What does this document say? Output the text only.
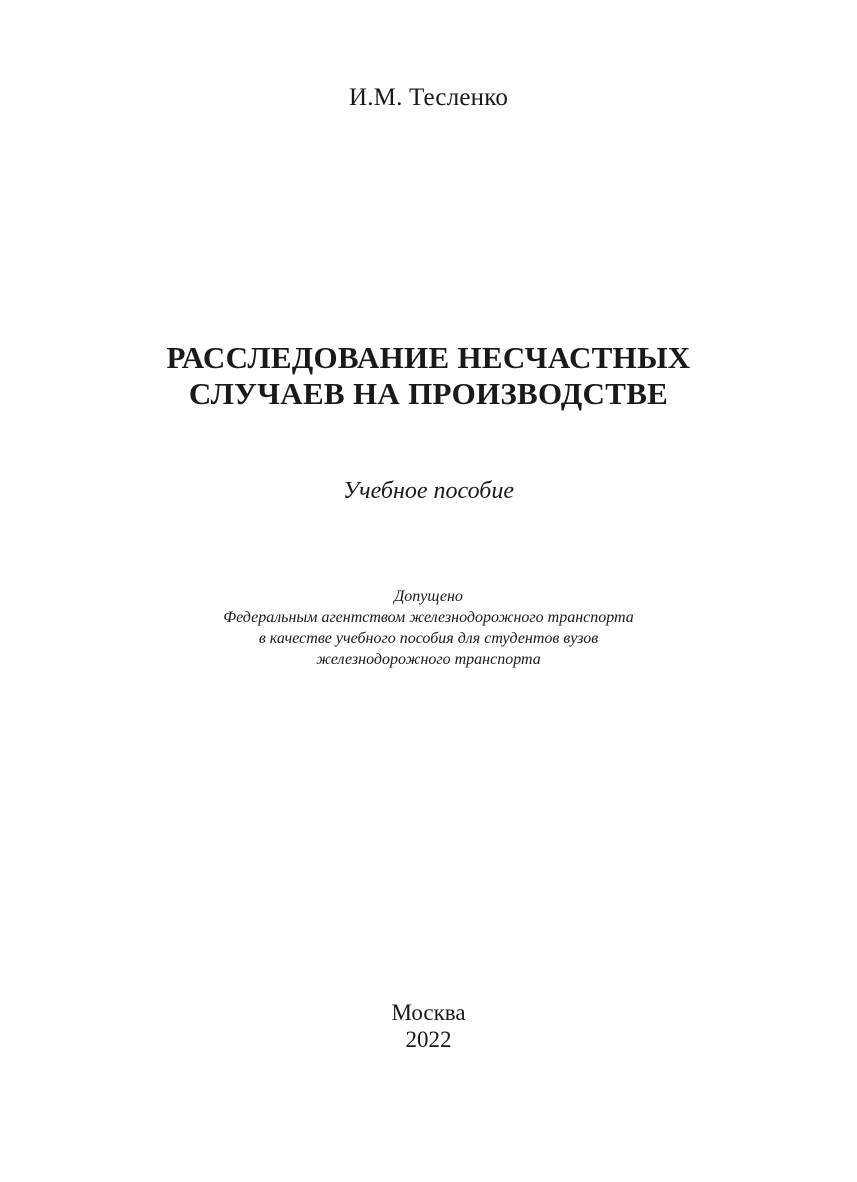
И.М. Тесленко
РАССЛЕДОВАНИЕ НЕСЧАСТНЫХ
СЛУЧАЕВ НА ПРОИЗВОДСТВЕ
Учебное пособие
Допущено
Федеральным агентством железнодорожного транспорта
в качестве учебного пособия для студентов вузов
железнодорожного транспорта
Москва
2022
